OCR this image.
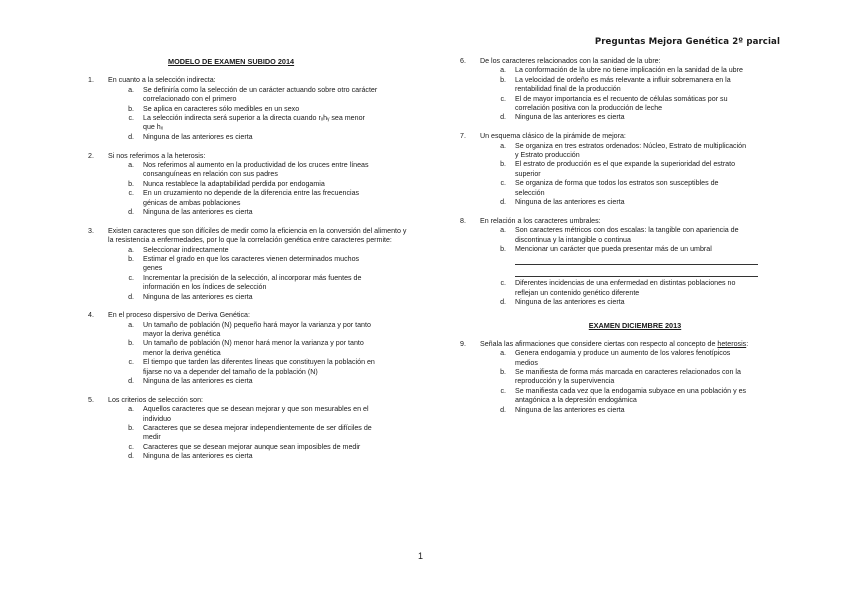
Preguntas Mejora Genética 2º parcial
MODELO DE EXAMEN SUBIDO 2014
1.	En cuanto a la selección indirecta:
a.	Se definiría como la selección de un carácter actuando sobre otro carácter correlacionado con el primero
b.	Se aplica en caracteres sólo medibles en un sexo
c.	La selección indirecta será superior a la directa cuando rₓhᵧ sea menor que hₓ
d.	Ninguna de las anteriores es cierta
2.	Si nos referimos a la heterosis:
a.	Nos referimos al aumento en la productividad de los cruces entre líneas consanguíneas en relación con sus padres
b.	Nunca restablece la adaptabilidad perdida por endogamia
c.	En un cruzamiento no depende de la diferencia entre las frecuencias génicas de ambas poblaciones
d.	Ninguna de las anteriores es cierta
3.	Existen caracteres que son difíciles de medir como la eficiencia en la conversión del alimento y la resistencia a enfermedades, por lo que la correlación genética entre caracteres permite:
a.	Seleccionar indirectamente
b.	Estimar el grado en que los caracteres vienen determinados muchos genes
c.	Incrementar la precisión de la selección, al incorporar más fuentes de información en los índices de selección
d.	Ninguna de las anteriores es cierta
4.	En el proceso dispersivo de Deriva Genética:
a.	Un tamaño de población (N) pequeño hará mayor la varianza y por tanto mayor la deriva genética
b.	Un tamaño de población (N) menor hará menor la varianza y por tanto menor la deriva genética
c.	El tiempo que tarden las diferentes líneas que constituyen la población en fijarse no va a depender del tamaño de la población (N)
d.	Ninguna de las anteriores es cierta
5.	Los criterios de selección son:
a.	Aquellos caracteres que se desean mejorar y que son mesurables en el individuo
b.	Caracteres que se desea mejorar independientemente de ser difíciles de medir
c.	Caracteres que se desean mejorar aunque sean imposibles de medir
d.	Ninguna de las anteriores es cierta
6.	De los caracteres relacionados con la sanidad de la ubre:
a.	La conformación de la ubre no tiene implicación en la sanidad de la ubre
b.	La velocidad de ordeño es más relevante a influir sobremanera en la rentabilidad final de la producción
c.	El de mayor importancia es el recuento de células somáticas por su correlación positiva con la producción de leche
d.	Ninguna de las anteriores es cierta
7.	Un esquema clásico de la pirámide de mejora:
a.	Se organiza en tres estratos ordenados: Núcleo, Estrato de multiplicación y Estrato producción
b.	El estrato de producción es el que expande la superioridad del estrato superior
c.	Se organiza de forma que todos los estratos son susceptibles de selección
d.	Ninguna de las anteriores es cierta
8.	En relación a los caracteres umbrales:
a.	Son caracteres métricos con dos escalas: la tangible con apariencia de discontinua y la intangible o continua
b.	Mencionar un carácter que pueda presentar más de un umbral
c.	Diferentes incidencias de una enfermedad en distintas poblaciones no reflejan un contenido genético diferente
d.	Ninguna de las anteriores es cierta
EXAMEN DICIEMBRE 2013
9.	Señala las afirmaciones que considere ciertas con respecto al concepto de heterosis:
a.	Genera endogamia y produce un aumento de los valores fenotípicos medios
b.	Se manifiesta de forma más marcada en caracteres relacionados con la reproducción y la supervivencia
c.	Se manifiesta cada vez que la endogamia subyace en una población y es antagónica a la depresión endogámica
d.	Ninguna de las anteriores es cierta
1
